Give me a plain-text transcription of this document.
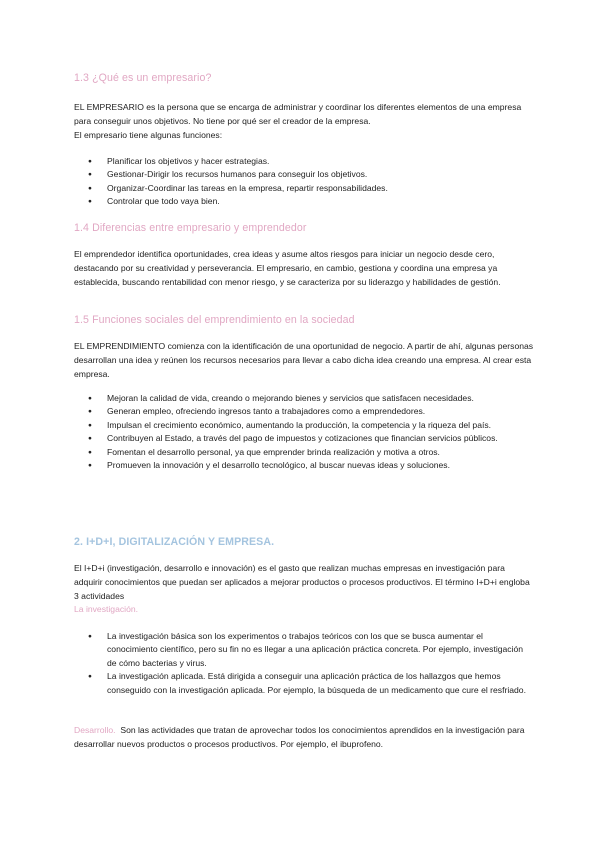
1.3 ¿Qué es un empresario?

EL EMPRESARIO es la persona que se encarga de administrar y coordinar los diferentes elementos de una empresa para conseguir unos objetivos. No tiene por qué ser el creador de la empresa.

El empresario tiene algunas funciones:

● Planificar los objetivos y hacer estrategias.
● Gestionar-Dirigir los recursos humanos para conseguir los objetivos.
● Organizar-Coordinar las tareas en la empresa, repartir responsabilidades.
● Controlar que todo vaya bien.
1.4 Diferencias entre empresario y emprendedor

El emprendedor identifica oportunidades, crea ideas y asume altos riesgos para iniciar un negocio desde cero, destacando por su creatividad y perseverancia. El empresario, en cambio, gestiona y coordina una empresa ya establecida, buscando rentabilidad con menor riesgo, y se caracteriza por su liderazgo y habilidades de gestión.

1.5 Funciones sociales del emprendimiento en la sociedad

EL EMPRENDIMIENTO comienza con la identificación de una oportunidad de negocio. A partir de ahí, algunas personas desarrollan una idea y reúnen los recursos necesarios para llevar a cabo dicha idea creando una empresa. Al crear esta empresa.

● Mejoran la calidad de vida, creando o mejorando bienes y servicios que satisfacen necesidades.
● Generan empleo, ofreciendo ingresos tanto a trabajadores como a emprendedores.
● Impulsan el crecimiento económico, aumentando la producción, la competencia y la riqueza del país.
● Contribuyen al Estado, a través del pago de impuestos y cotizaciones que financian servicios públicos.
● Fomentan el desarrollo personal, ya que emprender brinda realización y motiva a otros.
● Promueven la innovación y el desarrollo tecnológico, al buscar nuevas ideas y soluciones.
2. I+D+I, DIGITALIZACIÓN Y EMPRESA.

El I+D+i (investigación, desarrollo e innovación) es el gasto que realizan muchas empresas en investigación para adquirir conocimientos que puedan ser aplicados a mejorar productos o procesos productivos. El término I+D+i engloba 3 actividades

La investigación.

● La investigación básica son los experimentos o trabajos teóricos con los que se busca aumentar el conocimiento científico, pero su fin no es llegar a una aplicación práctica concreta. Por ejemplo, investigación de cómo bacterias y virus.
● La investigación aplicada. Está dirigida a conseguir una aplicación práctica de los hallazgos que hemos conseguido con la investigación aplicada. Por ejemplo, la búsqueda de un medicamento que cure el resfriado.

Desarrollo. Son las actividades que tratan de aprovechar todos los conocimientos aprendidos en la investigación para desarrollar nuevos productos o procesos productivos. Por ejemplo, el ibuprofeno.
